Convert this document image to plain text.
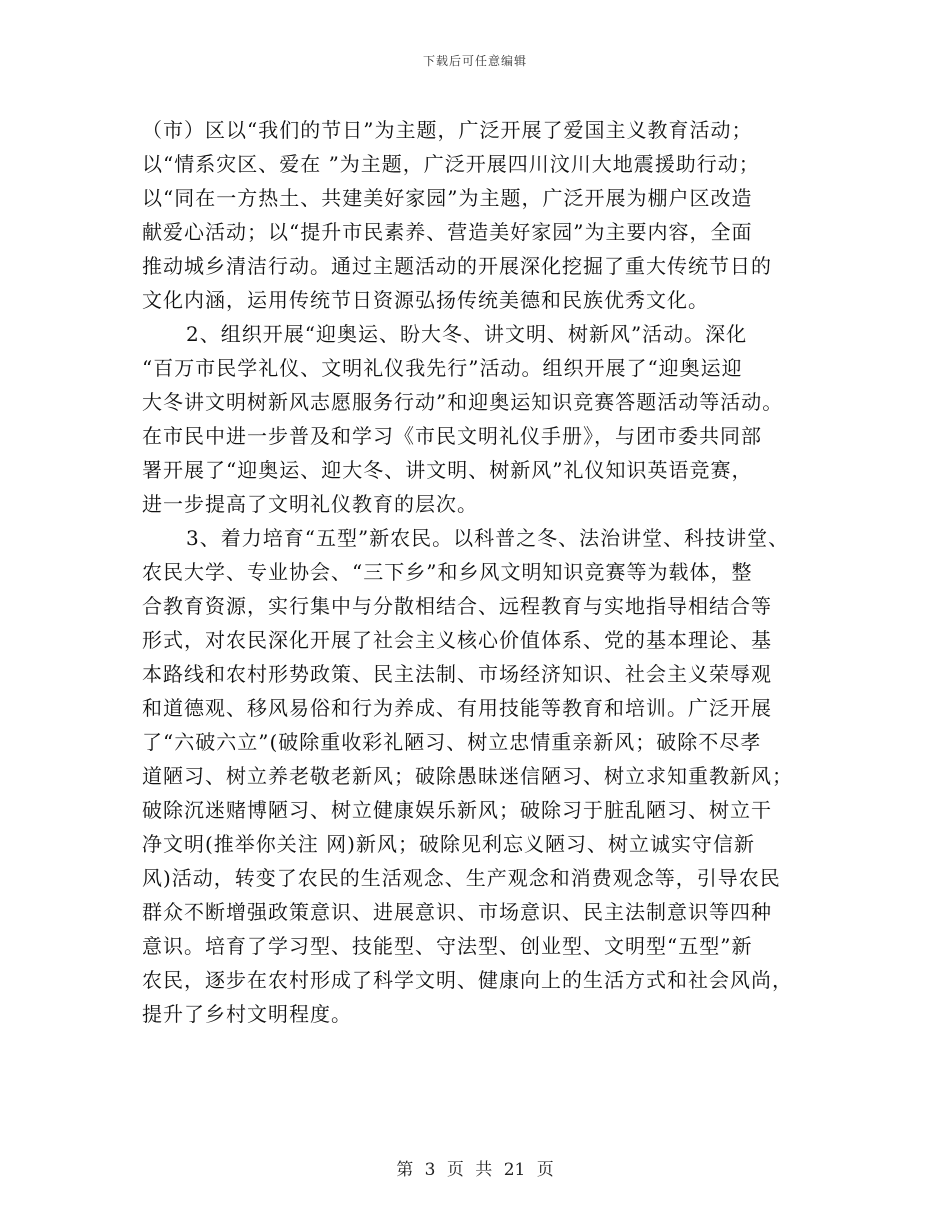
下载后可任意编辑
（市）区以“我们的节日”为主题，广泛开展了爱国主义教育活动；
以“情系灾区、爱在 ”为主题，广泛开展四川汶川大地震援助行动；
以“同在一方热土、共建美好家园”为主题，广泛开展为棚户区改造
献爱心活动；以“提升市民素养、营造美好家园”为主要内容，全面
推动城乡清洁行动。通过主题活动的开展深化挖掘了重大传统节日的
文化内涵，运用传统节日资源弘扬传统美德和民族优秀文化。
2、组织开展“迎奥运、盼大冬、讲文明、树新风”活动。深化
“百万市民学礼仪、文明礼仪我先行”活动。组织开展了“迎奥运迎
大冬讲文明树新风志愿服务行动”和迎奥运知识竞赛答题活动等活动。
在市民中进一步普及和学习《市民文明礼仪手册》，与团市委共同部
署开展了“迎奥运、迎大冬、讲文明、树新风”礼仪知识英语竞赛，
进一步提高了文明礼仪教育的层次。
3、着力培育“五型”新农民。以科普之冬、法治讲堂、科技讲堂、
农民大学、专业协会、“三下乡”和乡风文明知识竞赛等为载体，整
合教育资源，实行集中与分散相结合、远程教育与实地指导相结合等
形式，对农民深化开展了社会主义核心价值体系、党的基本理论、基
本路线和农村形势政策、民主法制、市场经济知识、社会主义荣辱观
和道德观、移风易俗和行为养成、有用技能等教育和培训。广泛开展
了“六破六立”(破除重收彩礼陋习、树立忠情重亲新风；破除不尽孝
道陋习、树立养老敬老新风；破除愚昧迷信陋习、树立求知重教新风；
破除沉迷赌博陋习、树立健康娱乐新风；破除习于脏乱陋习、树立干
净文明(推举你关注 网)新风；破除见利忘义陋习、树立诚实守信新
风)活动，转变了农民的生活观念、生产观念和消费观念等，引导农民
群众不断增强政策意识、进展意识、市场意识、民主法制意识等四种
意识。培育了学习型、技能型、守法型、创业型、文明型“五型”新
农民，逐步在农村形成了科学文明、健康向上的生活方式和社会风尚，
提升了乡村文明程度。
第 3 页 共 21 页
